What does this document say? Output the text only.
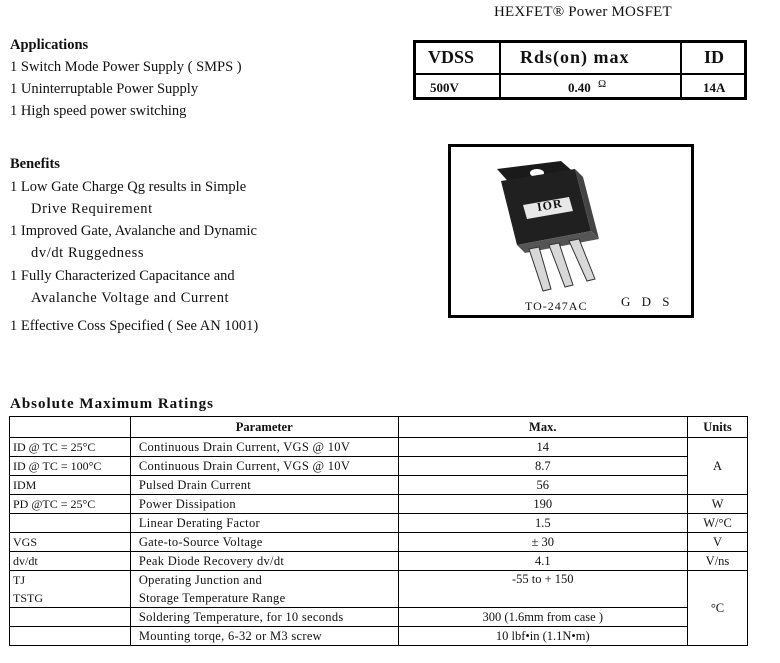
HEXFET® Power MOSFET
Applications
1 Switch Mode Power Supply ( SMPS )
1 Uninterruptable Power Supply
1 High speed power switching
Benefits
1 Low Gate Charge Qg results in Simple
Drive Requirement
1 Improved Gate, Avalanche and Dynamic
dv/dt Ruggedness
1 Fully Characterized Capacitance and
Avalanche Voltage and Current
1 Effective Coss Specified ( See AN 1001)
VDSS	Rds(on) max	ID
500V	0.40 $^\Omega$	14A
IOR
TO-247AC	G D S
Absolute Maximum Ratings
	Parameter	Max.	Units
ID @ TC = 25°C	Continuous Drain Current, VGS @ 10V	14	A
ID @ TC = 100°C	Continuous Drain Current, VGS @ 10V	8.7	
IDM	Pulsed Drain Current	56	
PD @TC = 25°C	Power Dissipation	190	W
	Linear Derating Factor	1.5	W/°C
VGS	Gate-to-Source Voltage	± 30	V
dv/dt	Peak Diode Recovery dv/dt	4.1	V/ns
TJ	Operating Junction and	-55 to + 150	°C
TSTG	Storage Temperature Range		
	Soldering Temperature, for 10 seconds	300 (1.6mm from case )	
	Mounting torqe, 6-32 or M3 screw	10 lbf•in (1.1N•m)	
